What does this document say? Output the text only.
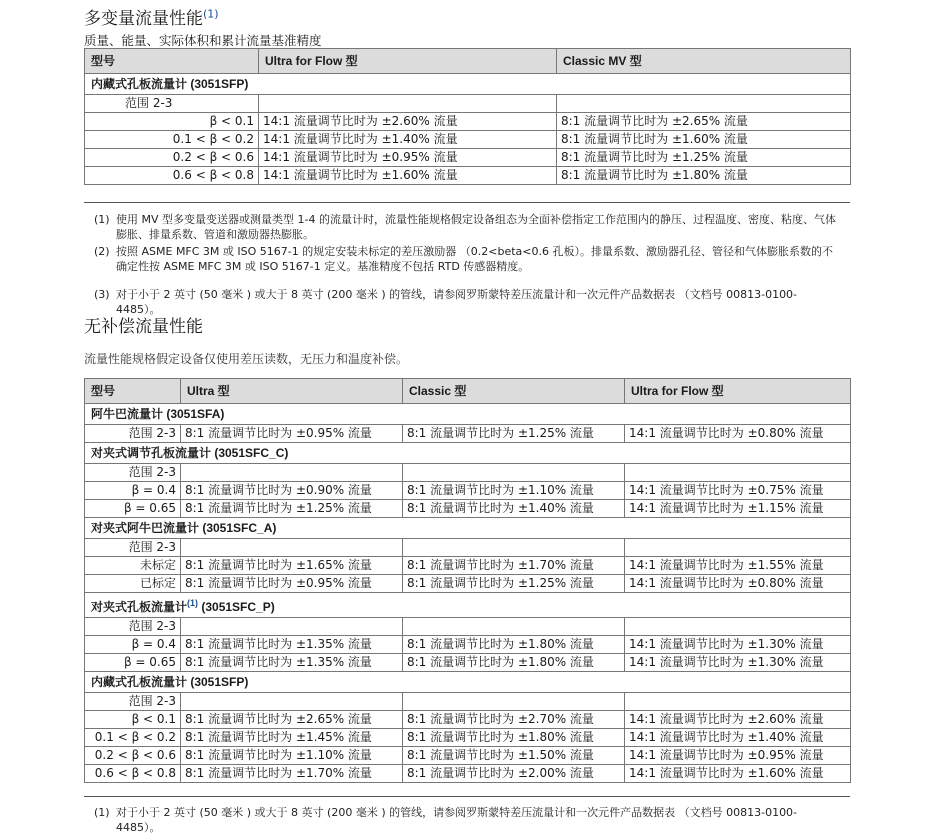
多变量流量性能$^{(1)}$
质量、能量、实际体积和累计流量基准精度
型号	Ultra for Flow 型	Classic MV 型
内藏式孔板流量计 (3051SFP)		
范围 2-3		
β < 0.1	14:1 流量调节比时为 ±2.60% 流量	8:1 流量调节比时为 ±2.65% 流量
0.1 < β < 0.2	14:1 流量调节比时为 ±1.40% 流量	8:1 流量调节比时为 ±1.60% 流量
0.2 < β < 0.6	14:1 流量调节比时为 ±0.95% 流量	8:1 流量调节比时为 ±1.25% 流量
0.6 < β < 0.8	14:1 流量调节比时为 ±1.60% 流量	8:1 流量调节比时为 ±1.80% 流量
(1) 使用 MV 型多变量变送器或测量类型 1-4 的流量计时，流量性能规格假定设备组态为全面补偿指定工作范围内的静压、过程温度、密度、粘度、气体膨胀、排量系数、管道和激励器热膨胀。
(2) 按照 ASME MFC 3M 或 ISO 5167-1 的规定安装未标定的差压激励器 （0.2<beta<0.6 孔板）。排量系数、激励器孔径、管径和气体膨胀系数的不确定性按 ASME MFC 3M 或 ISO 5167-1 定义。基准精度不包括 RTD 传感器精度。
(3) 对于小于 2 英寸 (50 毫米 ) 或大于 8 英寸 (200 毫米 ) 的管线，请参阅罗斯蒙特差压流量计和一次元件产品数据表 （文档号 00813-0100-4485）。
无补偿流量性能
流量性能规格假定设备仅使用差压读数，无压力和温度补偿。
型号	Ultra 型	Classic 型	Ultra for Flow 型
阿牛巴流量计 (3051SFA)			
范围 2-3	8:1 流量调节比时为 ±0.95% 流量	8:1 流量调节比时为 ±1.25% 流量	14:1 流量调节比时为 ±0.80% 流量
对夹式调节孔板流量计 (3051SFC_C)			
范围 2-3			
β = 0.4	8:1 流量调节比时为 ±0.90% 流量	8:1 流量调节比时为 ±1.10% 流量	14:1 流量调节比时为 ±0.75% 流量
β = 0.65	8:1 流量调节比时为 ±1.25% 流量	8:1 流量调节比时为 ±1.40% 流量	14:1 流量调节比时为 ±1.15% 流量
对夹式阿牛巴流量计 (3051SFC_A)			
范围 2-3			
未标定	8:1 流量调节比时为 ±1.65% 流量	8:1 流量调节比时为 ±1.70% 流量	14:1 流量调节比时为 ±1.55% 流量
已标定	8:1 流量调节比时为 ±0.95% 流量	8:1 流量调节比时为 ±1.25% 流量	14:1 流量调节比时为 ±0.80% 流量
对夹式孔板流量计$^{(1)}$ (3051SFC_P)			
范围 2-3			
β = 0.4	8:1 流量调节比时为 ±1.35% 流量	8:1 流量调节比时为 ±1.80% 流量	14:1 流量调节比时为 ±1.30% 流量
β = 0.65	8:1 流量调节比时为 ±1.35% 流量	8:1 流量调节比时为 ±1.80% 流量	14:1 流量调节比时为 ±1.30% 流量
内藏式孔板流量计 (3051SFP)			
范围 2-3			
β < 0.1	8:1 流量调节比时为 ±2.65% 流量	8:1 流量调节比时为 ±2.70% 流量	14:1 流量调节比时为 ±2.60% 流量
0.1 < β < 0.2	8:1 流量调节比时为 ±1.45% 流量	8:1 流量调节比时为 ±1.80% 流量	14:1 流量调节比时为 ±1.40% 流量
0.2 < β < 0.6	8:1 流量调节比时为 ±1.10% 流量	8:1 流量调节比时为 ±1.50% 流量	14:1 流量调节比时为 ±0.95% 流量
0.6 < β < 0.8	8:1 流量调节比时为 ±1.70% 流量	8:1 流量调节比时为 ±2.00% 流量	14:1 流量调节比时为 ±1.60% 流量
(1) 对于小于 2 英寸 (50 毫米 ) 或大于 8 英寸 (200 毫米 ) 的管线，请参阅罗斯蒙特差压流量计和一次元件产品数据表 （文档号 00813-0100-4485）。
